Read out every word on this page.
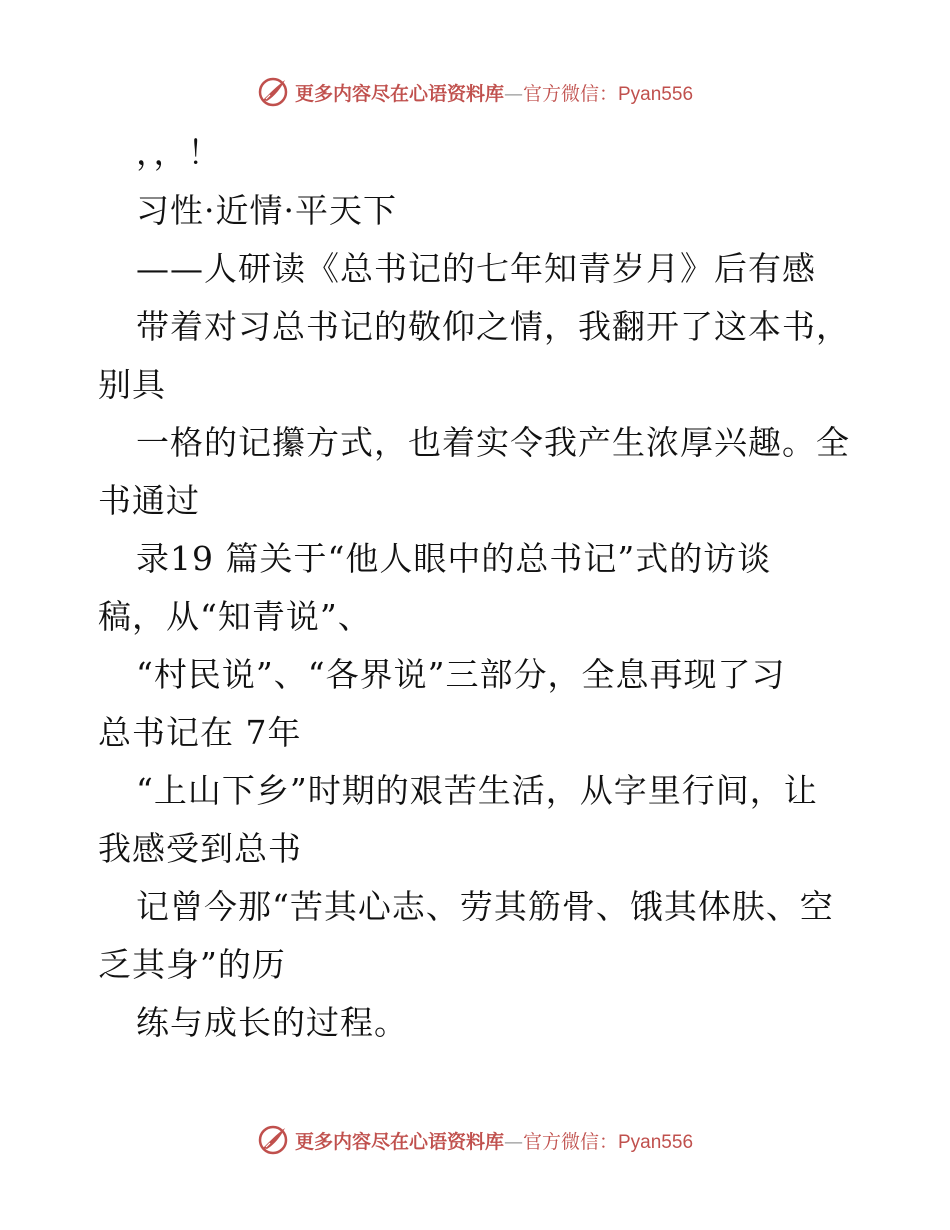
更多内容尽在心语资料库—官方微信：Pyan556
，，！
习性·近情·平天下
——人研读《总书记的七年知青岁月》后有感
带着对习总书记的敬仰之情，我翻开了这本书，
别具
一格的记攥方式，也着实令我产生浓厚兴趣。全
书通过
录19 篇关于“他人眼中的总书记”式的访谈
稿，从“知青说”、
“村民说”、“各界说”三部分，全息再现了习
总书记在 7年
“上山下乡”时期的艰苦生活，从字里行间，让
我感受到总书
记曾今那“苦其心志、劳其筋骨、饿其体肤、空
乏其身”的历
练与成长的过程。
更多内容尽在心语资料库—官方微信：Pyan556
